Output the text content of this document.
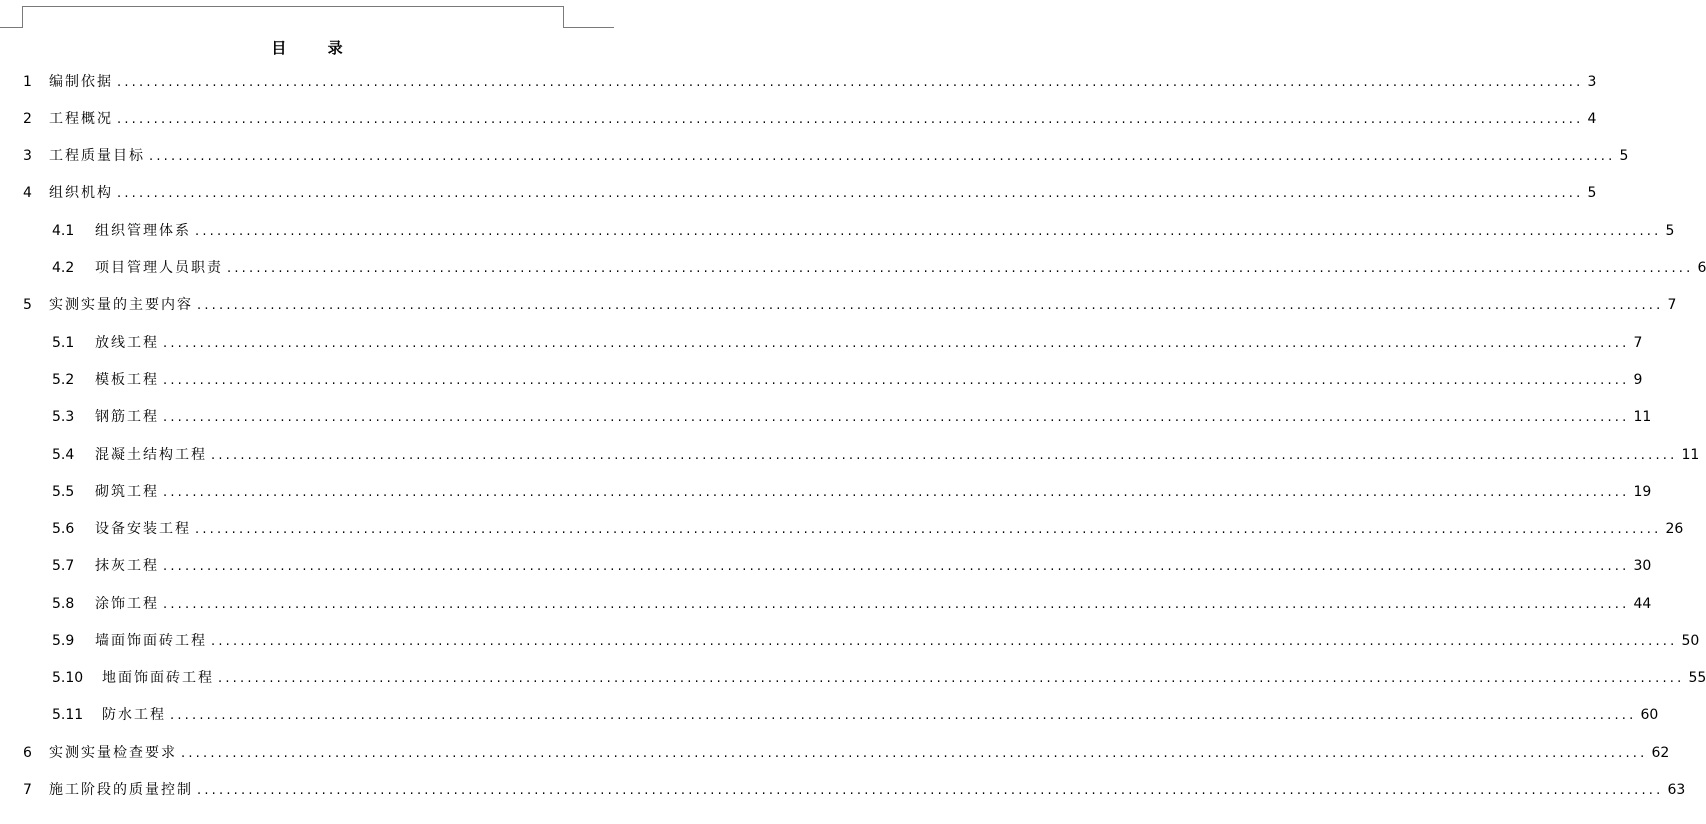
目 录
1	编制依据 ........................................................................................................................................................................................................ 3
2	工程概况 ........................................................................................................................................................................................................ 4
3	工程质量目标 ........................................................................................................................................................................................................ 5
4	组织机构 ........................................................................................................................................................................................................ 5
4.1	组织管理体系 ........................................................................................................................................................................................................ 5
4.2	项目管理人员职责 ........................................................................................................................................................................................................ 6
5	实测实量的主要内容 ........................................................................................................................................................................................................ 7
5.1	放线工程 ........................................................................................................................................................................................................ 7
5.2	模板工程 ........................................................................................................................................................................................................ 9
5.3	钢筋工程 ........................................................................................................................................................................................................ 11
5.4	混凝土结构工程 ........................................................................................................................................................................................................ 11
5.5	砌筑工程 ........................................................................................................................................................................................................ 19
5.6	设备安装工程 ........................................................................................................................................................................................................ 26
5.7	抹灰工程 ........................................................................................................................................................................................................ 30
5.8	涂饰工程 ........................................................................................................................................................................................................ 44
5.9	墙面饰面砖工程 ........................................................................................................................................................................................................ 50
5.10	地面饰面砖工程 ........................................................................................................................................................................................................ 55
5.11	防水工程 ........................................................................................................................................................................................................ 60
6	实测实量检查要求 ........................................................................................................................................................................................................ 62
7	施工阶段的质量控制 ........................................................................................................................................................................................................ 63
